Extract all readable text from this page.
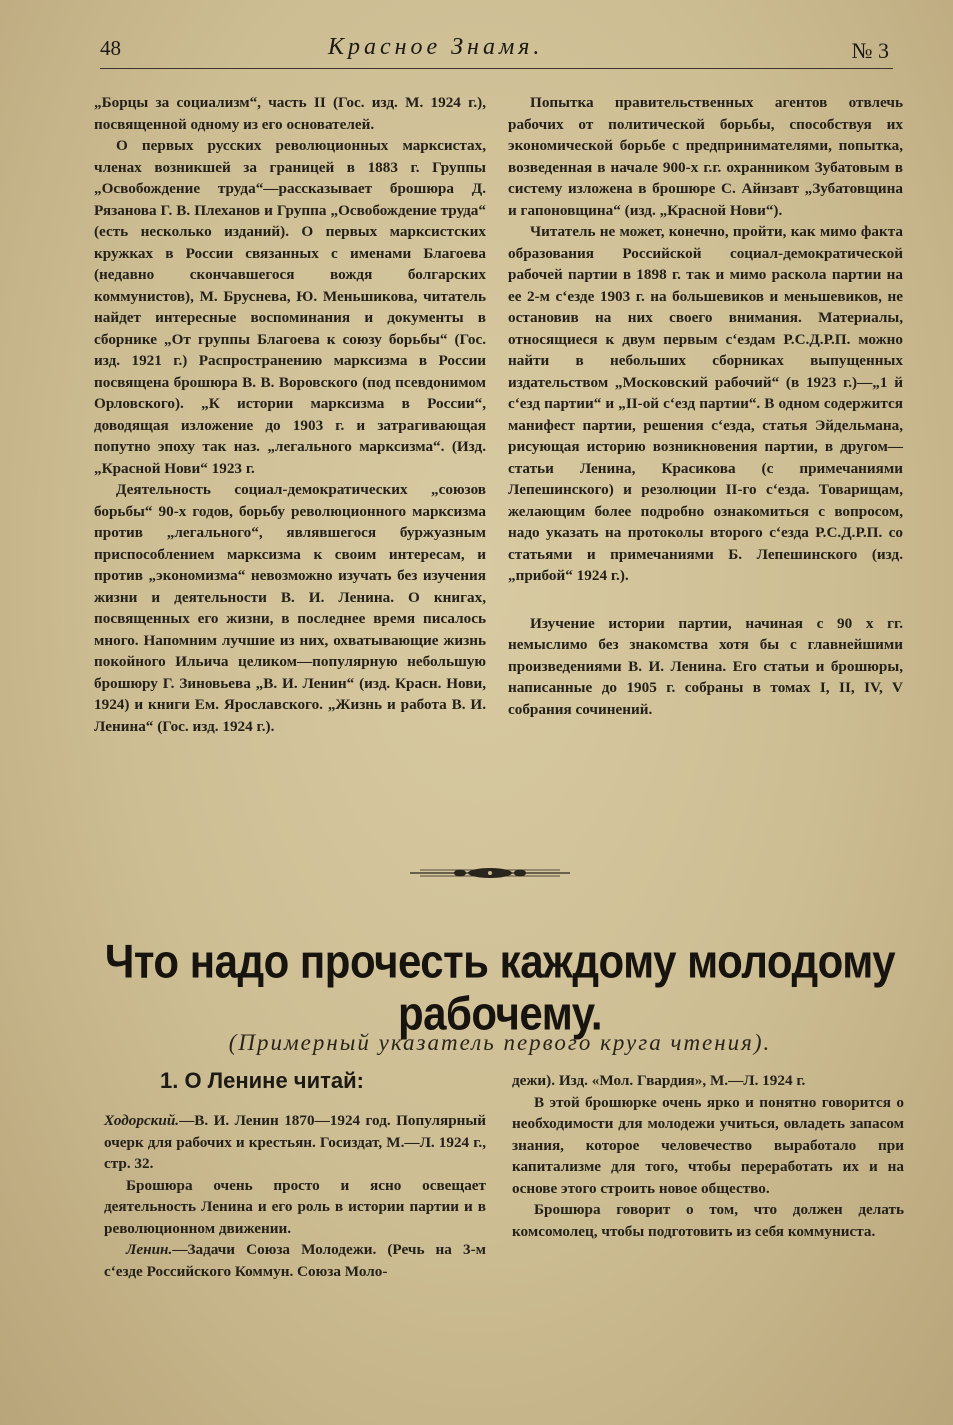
48	Красное Знамя.	№ 3

„Борцы за социализм“, часть II (Гос. изд. М. 1924 г.), посвященной одному из его основателей.

О первых русских революционных марксистах, членах возникшей за границей в 1883 г. Группы „Освобождение труда“—рассказывает брошюра Д. Рязанова Г. В. Плеханов и Группа „Освобождение труда“ (есть несколько изданий). О первых марксистских кружках в России связанных с именами Благоева (недавно скончавшегося вождя болгарских коммунистов), М. Бруснева, Ю. Меньшикова, читатель найдет интересные воспоминания и документы в сборнике „От группы Благоева к союзу борьбы“ (Гос. изд. 1921 г.) Распространению марксизма в России посвящена брошюра В. В. Воровского (под псевдонимом Орловского). „К истории марксизма в России“, доводящая изложение до 1903 г. и затрагивающая попутно эпоху так наз. „легального марксизма“. (Изд. „Красной Нови“ 1923 г.

Деятельность социал-демократических „союзов борьбы“ 90-х годов, борьбу революционного марксизма против „легального“, являвшегося буржуазным приспособлением марксизма к своим интересам, и против „экономизма“ невозможно изучать без изучения жизни и деятельности В. И. Ленина. О книгах, посвященных его жизни, в последнее время писалось много. Напомним лучшие из них, охватывающие жизнь покойного Ильича целиком—популярную небольшую брошюру Г. Зиновьева „В. И. Ленин“ (изд. Красн. Нови, 1924) и книги Ем. Ярославского. „Жизнь и работа В. И. Ленина“ (Гос. изд. 1924 г.).

Попытка правительственных агентов отвлечь рабочих от политической борьбы, способствуя их экономической борьбе с предпринимателями, попытка, возведенная в начале 900-х г.г. охранником Зубатовым в систему изложена в брошюре С. Айнзавт „Зубатовщина и гапоновщина“ (изд. „Красной Нови“).

Читатель не может, конечно, пройти, как мимо факта образования Российской социал-демократической рабочей партии в 1898 г. так и мимо раскола партии на ее 2-м с‘езде 1903 г. на большевиков и меньшевиков, не остановив на них своего внимания. Материалы, относящиеся к двум первым с‘ездам Р.С.Д.Р.П. можно найти в небольших сборниках выпущенных издательством „Московский рабочий“ (в 1923 г.)—„1 й с‘езд партии“ и „II-ой с‘езд партии“. В одном содержится манифест партии, решения с‘езда, статья Эйдельмана, рисующая историю возникновения партии, в другом—статьи Ленина, Красикова (с примечаниями Лепешинского) и резолюции II-го с‘езда. Товарищам, желающим более подробно ознакомиться с вопросом, надо указать на протоколы второго с‘езда Р.С.Д.Р.П. со статьями и примечаниями Б. Лепешинского (изд. „прибой“ 1924 г.).

Изучение истории партии, начиная с 90 х гг. немыслимо без знакомства хотя бы с главнейшими произведениями В. И. Ленина. Его статьи и брошюры, написанные до 1905 г. собраны в томах I, II, IV, V собрания сочинений.

Что надо прочесть каждому молодому
рабочему.
(Примерный указатель первого круга чтения).
1. О Ленине читай:

Ходорский.—В. И. Ленин 1870—1924 год. Популярный очерк для рабочих и крестьян. Госиздат, М.—Л. 1924 г., стр. 32.

Брошюра очень просто и ясно освещает деятельность Ленина и его роль в истории партии и в революционном движении.

Ленин.—Задачи Союза Молодежи. (Речь на 3-м с‘езде Российского Коммун. Союза Моло-

дежи). Изд. «Мол. Гвардия», М.—Л. 1924 г.

В этой брошюрке очень ярко и понятно говорится о необходимости для молодежи учиться, овладеть запасом знания, которое человечество выработало при капитализме для того, чтобы переработать их и на основе этого строить новое общество.

Брошюра говорит о том, что должен делать комсомолец, чтобы подготовить из себя коммуниста.
